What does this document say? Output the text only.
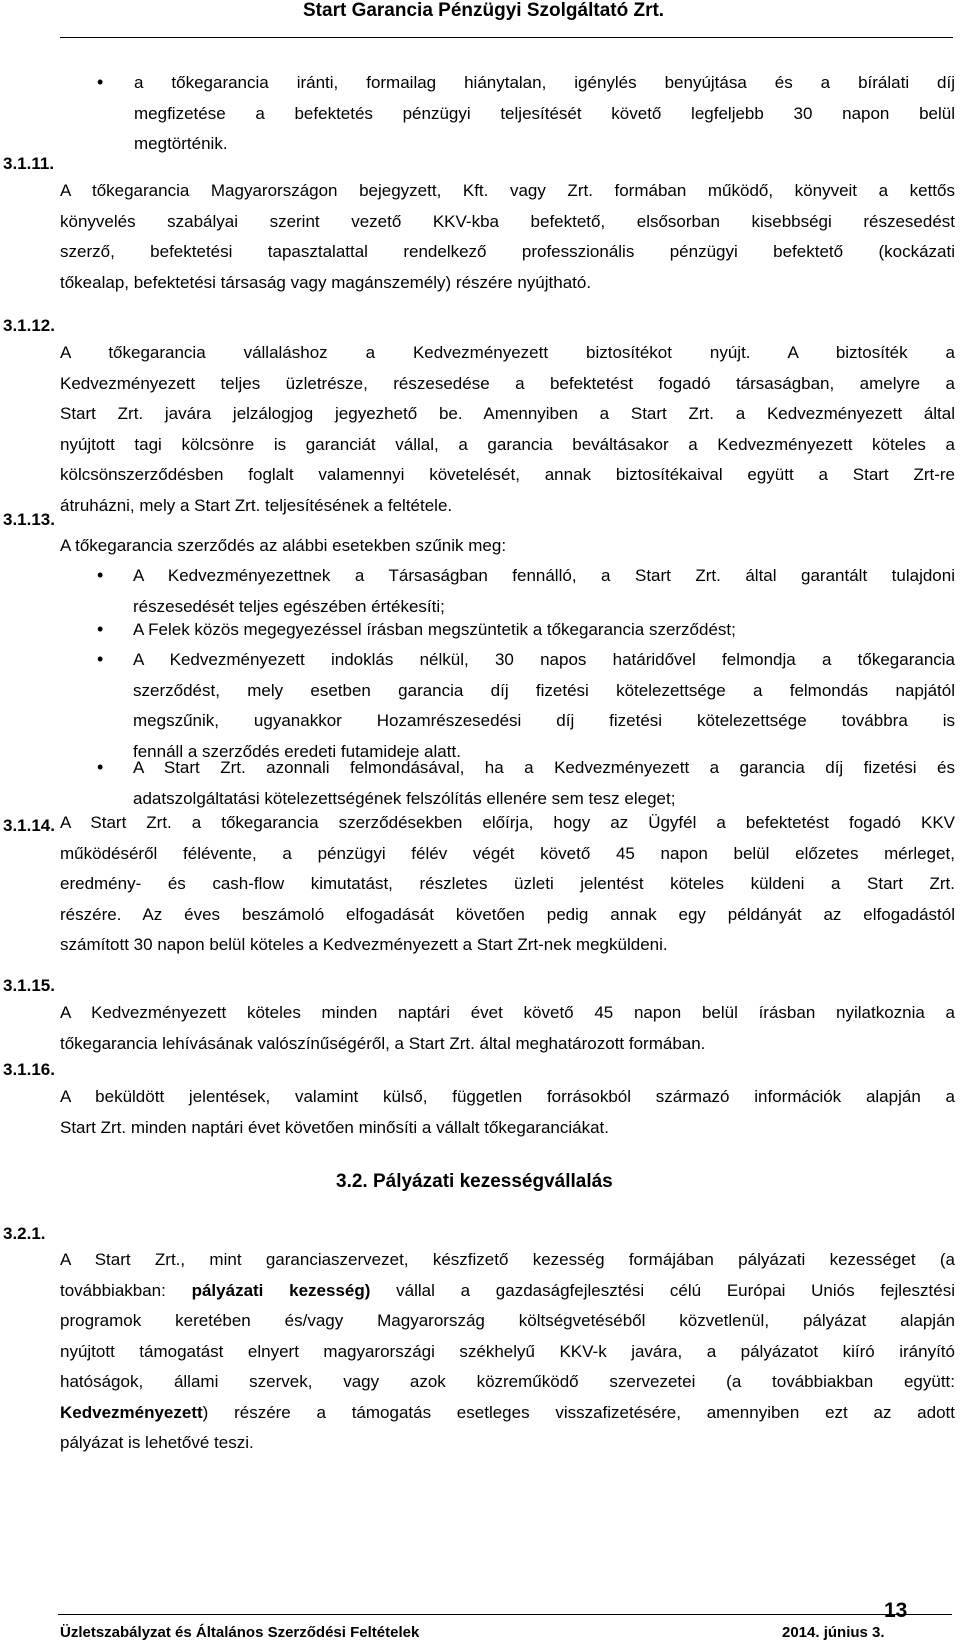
Start Garancia Pénzügyi Szolgáltató Zrt.
• a tőkegarancia iránti, formailag hiánytalan, igénylés benyújtása és a bírálati díj
megfizetése a befektetés pénzügyi teljesítését követő legfeljebb 30 napon belül
megtörténik.
3.1.11.
A tőkegarancia Magyarországon bejegyzett, Kft. vagy Zrt. formában működő, könyveit a kettős
könyvelés szabályai szerint vezető KKV-kba befektető, elsősorban kisebbségi részesedést
szerző, befektetési tapasztalattal rendelkező professzionális pénzügyi befektető (kockázati
tőkealap, befektetési társaság vagy magánszemély) részére nyújtható.
3.1.12.
A tőkegarancia vállaláshoz a Kedvezményezett biztosítékot nyújt. A biztosíték a
Kedvezményezett teljes üzletrésze, részesedése a befektetést fogadó társaságban, amelyre a
Start Zrt. javára jelzálogjog jegyezhető be. Amennyiben a Start Zrt. a Kedvezményezett által
nyújtott tagi kölcsönre is garanciát vállal, a garancia beváltásakor a Kedvezményezett köteles a
kölcsönszerződésben foglalt valamennyi követelését, annak biztosítékaival együtt a Start Zrt-re
átruházni, mely a Start Zrt. teljesítésének a feltétele.
3.1.13.
A tőkegarancia szerződés az alábbi esetekben szűnik meg:
• A Kedvezményezettnek a Társaságban fennálló, a Start Zrt. által garantált tulajdoni
részesedését teljes egészében értékesíti;
• A Felek közös megegyezéssel írásban megszüntetik a tőkegarancia szerződést;
• A Kedvezményezett indoklás nélkül, 30 napos határidővel felmondja a tőkegarancia
szerződést, mely esetben garancia díj fizetési kötelezettsége a felmondás napjától
megszűnik, ugyanakkor Hozamrészesedési díj fizetési kötelezettsége továbbra is
fennáll a szerződés eredeti futamideje alatt.
• A Start Zrt. azonnali felmondásával, ha a Kedvezményezett a garancia díj fizetési és
adatszolgáltatási kötelezettségének felszólítás ellenére sem tesz eleget;
3.1.14. A Start Zrt. a tőkegarancia szerződésekben előírja, hogy az Ügyfél a befektetést fogadó KKV
működéséről félévente, a pénzügyi félév végét követő 45 napon belül előzetes mérleget,
eredmény- és cash-flow kimutatást, részletes üzleti jelentést köteles küldeni a Start Zrt.
részére. Az éves beszámoló elfogadását követően pedig annak egy példányát az elfogadástól
számított 30 napon belül köteles a Kedvezményezett a Start Zrt-nek megküldeni.
3.1.15.
A Kedvezményezett köteles minden naptári évet követő 45 napon belül írásban nyilatkoznia a
tőkegarancia lehívásának valószínűségéről, a Start Zrt. által meghatározott formában.
3.1.16.
A beküldött jelentések, valamint külső, független forrásokból származó információk alapján a
Start Zrt. minden naptári évet követően minősíti a vállalt tőkegaranciákat.
3.2. Pályázati kezességvállalás
3.2.1.
A Start Zrt., mint garanciaszervezet, készfizető kezesség formájában pályázati kezességet (a
továbbiakban: pályázati kezesség) vállal a gazdaságfejlesztési célú Európai Uniós fejlesztési
programok keretében és/vagy Magyarország költségvetéséből közvetlenül, pályázat alapján
nyújtott támogatást elnyert magyarországi székhelyű KKV-k javára, a pályázatot kiíró irányító
hatóságok, állami szervek, vagy azok közreműködő szervezetei (a továbbiakban együtt:
Kedvezményezett) részére a támogatás esetleges visszafizetésére, amennyiben ezt az adott
pályázat is lehetővé teszi.
13
Üzletszabályzat és Általános Szerződési Feltételek	2014. június 3.
